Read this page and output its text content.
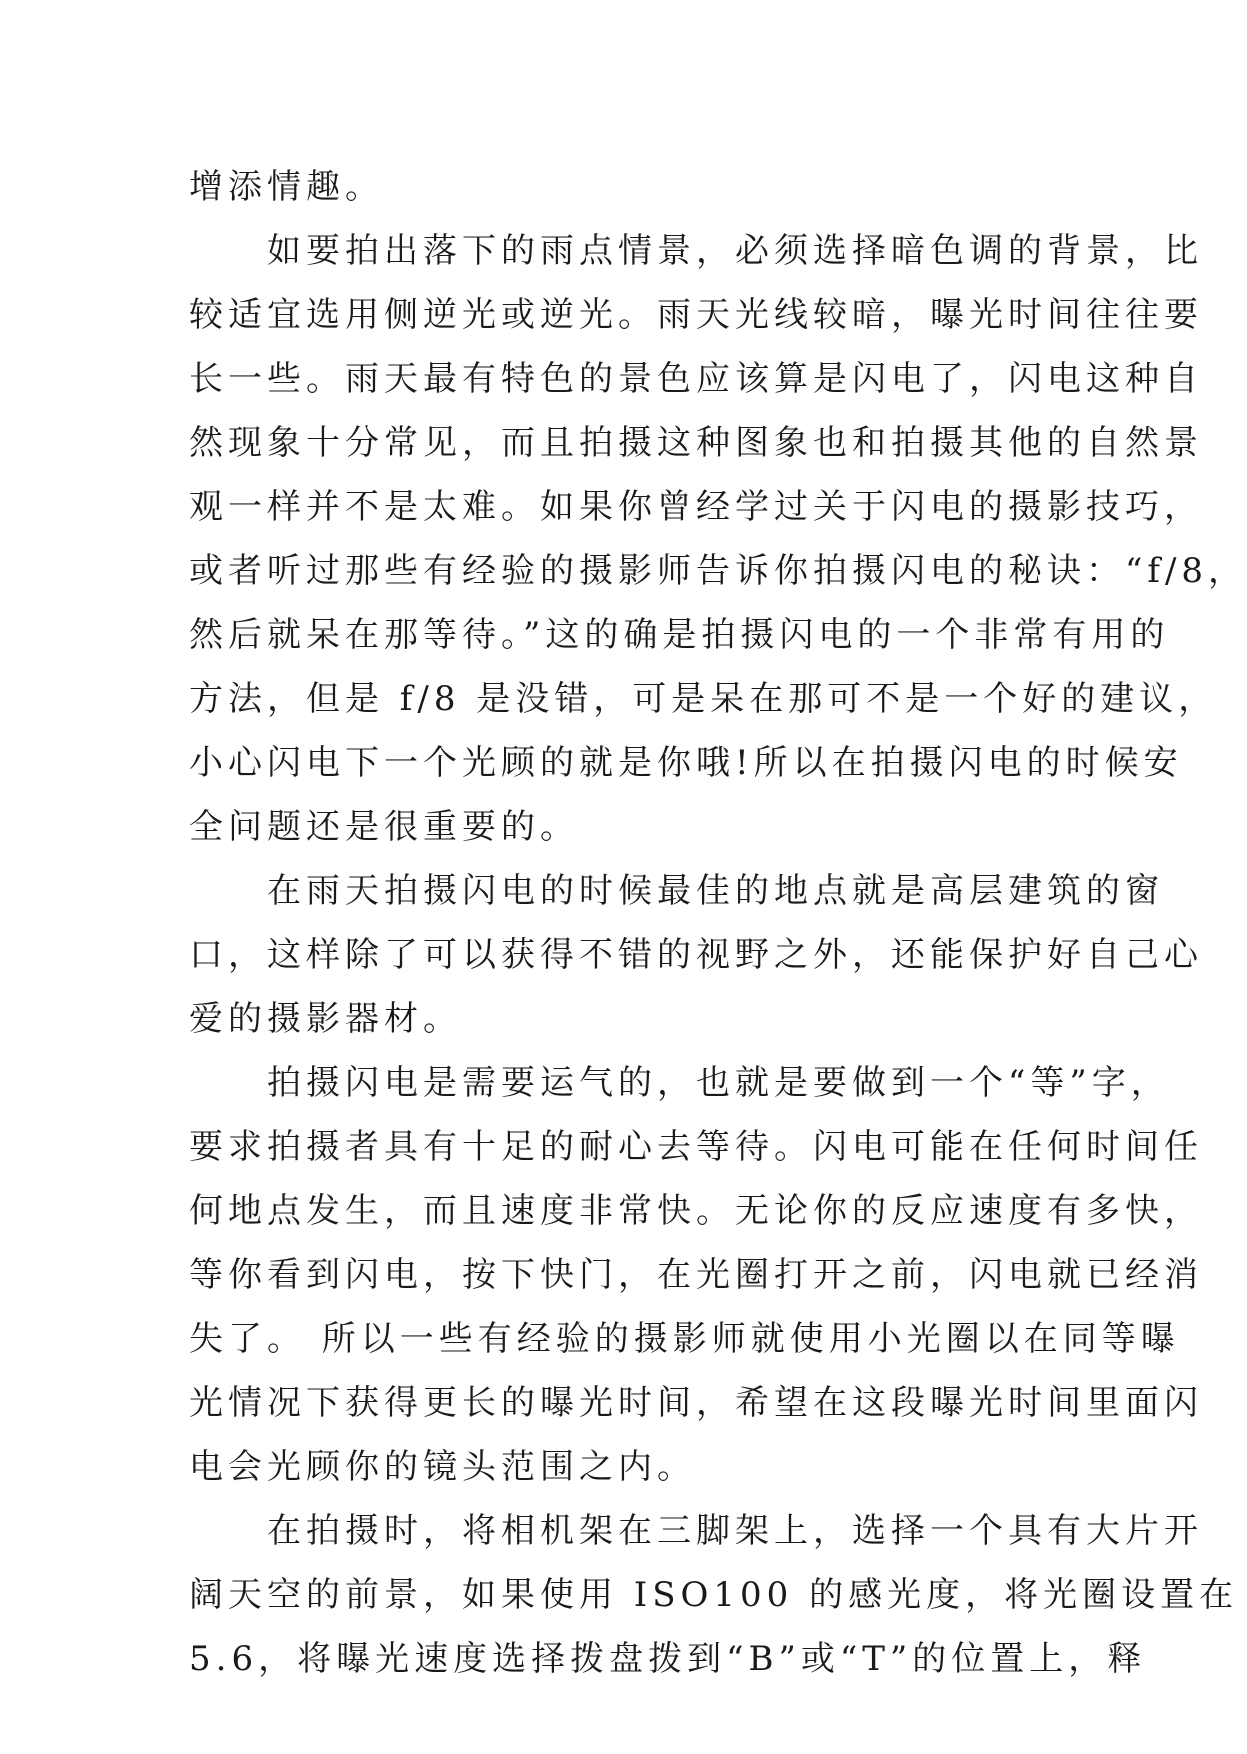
增添情趣。
　　如要拍出落下的雨点情景，必须选择暗色调的背景，比
较适宜选用侧逆光或逆光。雨天光线较暗，曝光时间往往要
长一些。雨天最有特色的景色应该算是闪电了，闪电这种自
然现象十分常见，而且拍摄这种图象也和拍摄其他的自然景
观一样并不是太难。如果你曾经学过关于闪电的摄影技巧，
或者听过那些有经验的摄影师告诉你拍摄闪电的秘诀：“f/8，
然后就呆在那等待。”这的确是拍摄闪电的一个非常有用的
方法，但是 f/8 是没错，可是呆在那可不是一个好的建议，
小心闪电下一个光顾的就是你哦!所以在拍摄闪电的时候安
全问题还是很重要的。
　　在雨天拍摄闪电的时候最佳的地点就是高层建筑的窗
口，这样除了可以获得不错的视野之外，还能保护好自己心
爱的摄影器材。
　　拍摄闪电是需要运气的，也就是要做到一个“等”字，
要求拍摄者具有十足的耐心去等待。闪电可能在任何时间任
何地点发生，而且速度非常快。无论你的反应速度有多快，
等你看到闪电，按下快门，在光圈打开之前，闪电就已经消
失了。 所以一些有经验的摄影师就使用小光圈以在同等曝
光情况下获得更长的曝光时间，希望在这段曝光时间里面闪
电会光顾你的镜头范围之内。
　　在拍摄时，将相机架在三脚架上，选择一个具有大片开
阔天空的前景，如果使用 ISO100 的感光度，将光圈设置在
5.6，将曝光速度选择拨盘拨到“B”或“T”的位置上，释
